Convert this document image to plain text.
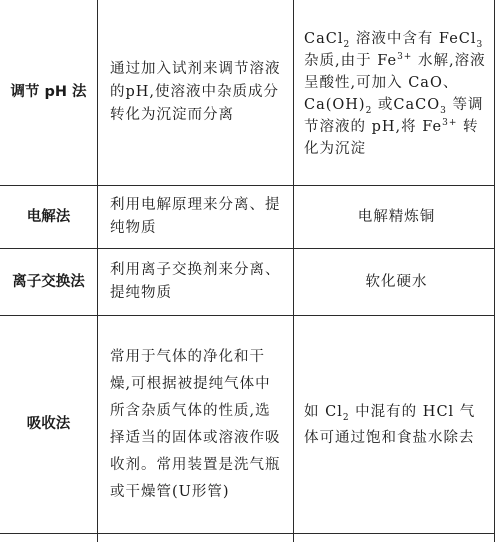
调节 pH 法
通过加入试剂来调节溶液的pH,使溶液中杂质成分转化为沉淀而分离
CaCl$_2$ 溶液中含有 FeCl$_3$ 杂质,由于 $Fe^{3+}$ 水解,溶液呈酸性,可加入 CaO、$Ca(OH)_2$ 或CaCO$_3$ 等调节溶液的 pH,将 $Fe^{3+}$ 转化为沉淀
电解法
利用电解原理来分离、提纯物质
电解精炼铜
离子交换法
利用离子交换剂来分离、提纯物质
软化硬水
吸收法
常用于气体的净化和干燥,可根据被提纯气体中所含杂质气体的性质,选择适当的固体或溶液作吸收剂。常用装置是洗气瓶或干燥管(U形管)
如 $Cl_2$ 中混有的 HCl 气体可通过饱和食盐水除去
